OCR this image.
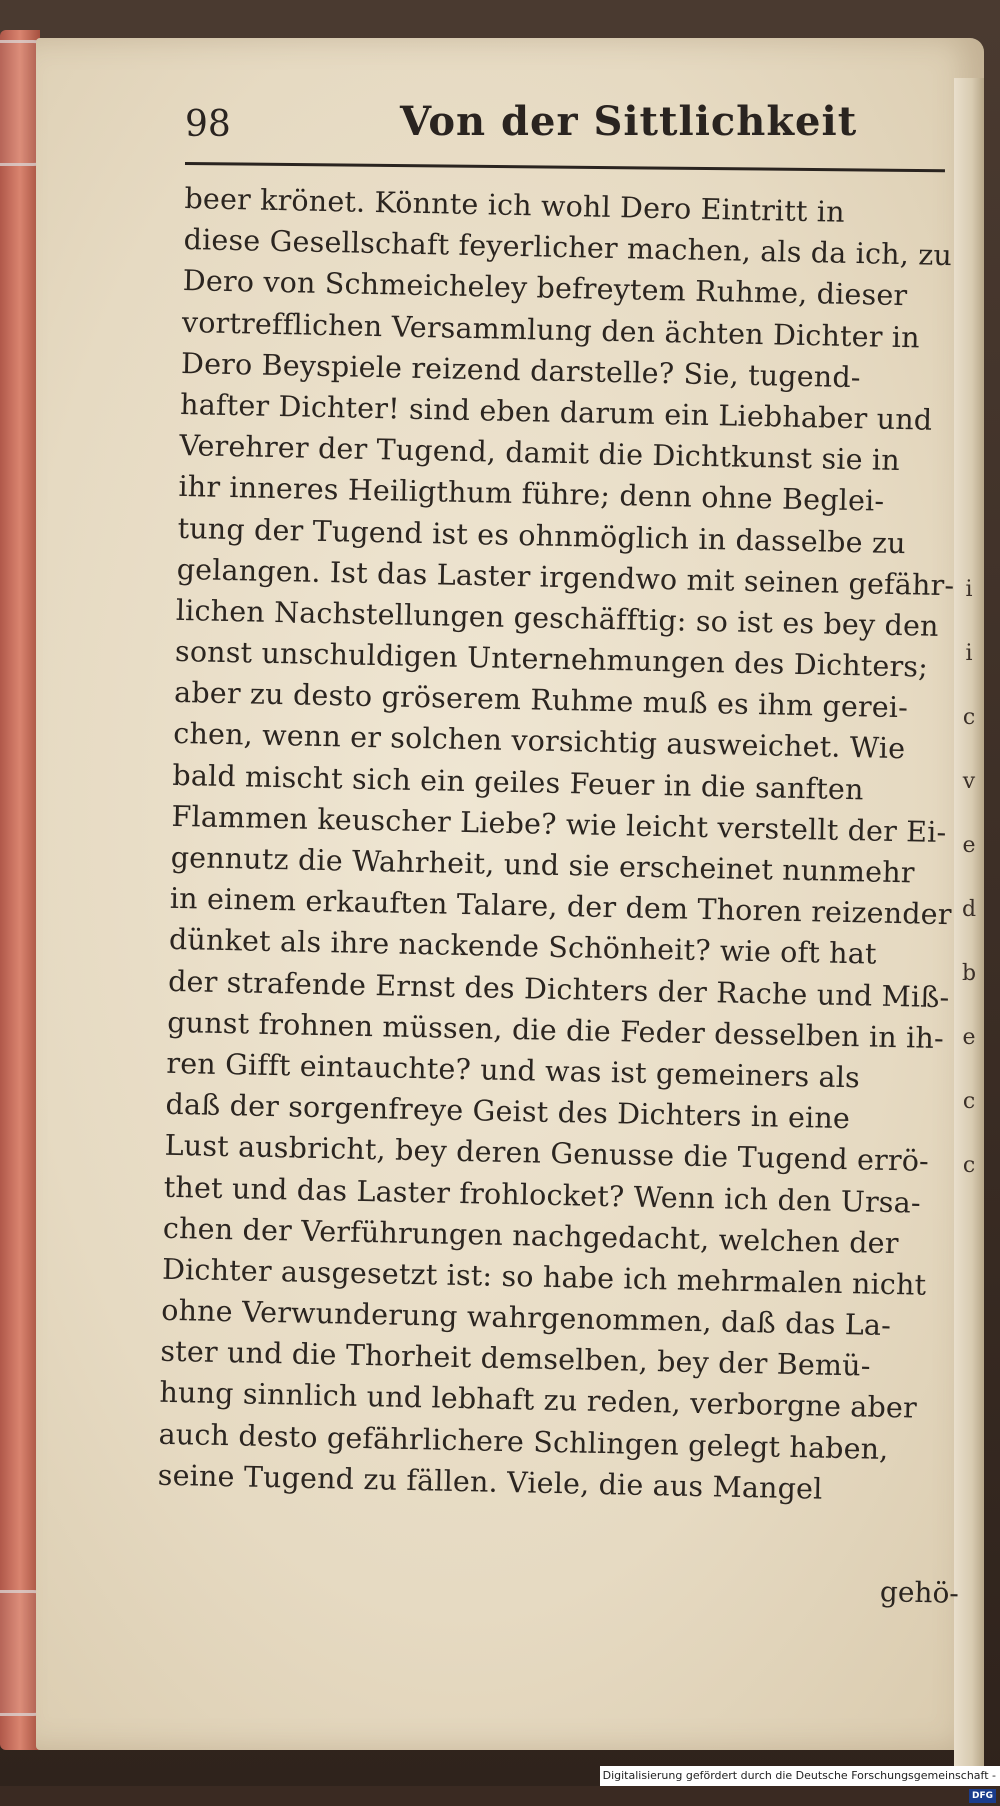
i
i
c
v
e
d
b
e
c
c
98	Von der Sittlichkeit
beer krönet. Könnte ich wohl Dero Eintritt in
diese Gesellschaft feyerlicher machen, als da ich, zu
Dero von Schmeicheley befreytem Ruhme, dieser
vortrefflichen Versammlung den ächten Dichter in
Dero Beyspiele reizend darstelle? Sie, tugend-
hafter Dichter! sind eben darum ein Liebhaber und
Verehrer der Tugend, damit die Dichtkunst sie in
ihr inneres Heiligthum führe; denn ohne Beglei-
tung der Tugend ist es ohnmöglich in dasselbe zu
gelangen. Ist das Laster irgendwo mit seinen gefähr-
lichen Nachstellungen geschäfftig: so ist es bey den
sonst unschuldigen Unternehmungen des Dichters;
aber zu desto gröserem Ruhme muß es ihm gerei-
chen, wenn er solchen vorsichtig ausweichet. Wie
bald mischt sich ein geiles Feuer in die sanften
Flammen keuscher Liebe? wie leicht verstellt der Ei-
gennutz die Wahrheit, und sie erscheinet nunmehr
in einem erkauften Talare, der dem Thoren reizender
dünket als ihre nackende Schönheit? wie oft hat
der strafende Ernst des Dichters der Rache und Miß-
gunst frohnen müssen, die die Feder desselben in ih-
ren Gifft eintauchte? und was ist gemeiners als
daß der sorgenfreye Geist des Dichters in eine
Lust ausbricht, bey deren Genusse die Tugend errö-
thet und das Laster frohlocket? Wenn ich den Ursa-
chen der Verführungen nachgedacht, welchen der
Dichter ausgesetzt ist: so habe ich mehrmalen nicht
ohne Verwunderung wahrgenommen, daß das La-
ster und die Thorheit demselben, bey der Bemü-
hung sinnlich und lebhaft zu reden, verborgne aber
auch desto gefährlichere Schlingen gelegt haben,
seine Tugend zu fällen. Viele, die aus Mangel
gehö-
Digitalisierung gefördert durch die Deutsche Forschungsgemeinschaft -DFG
